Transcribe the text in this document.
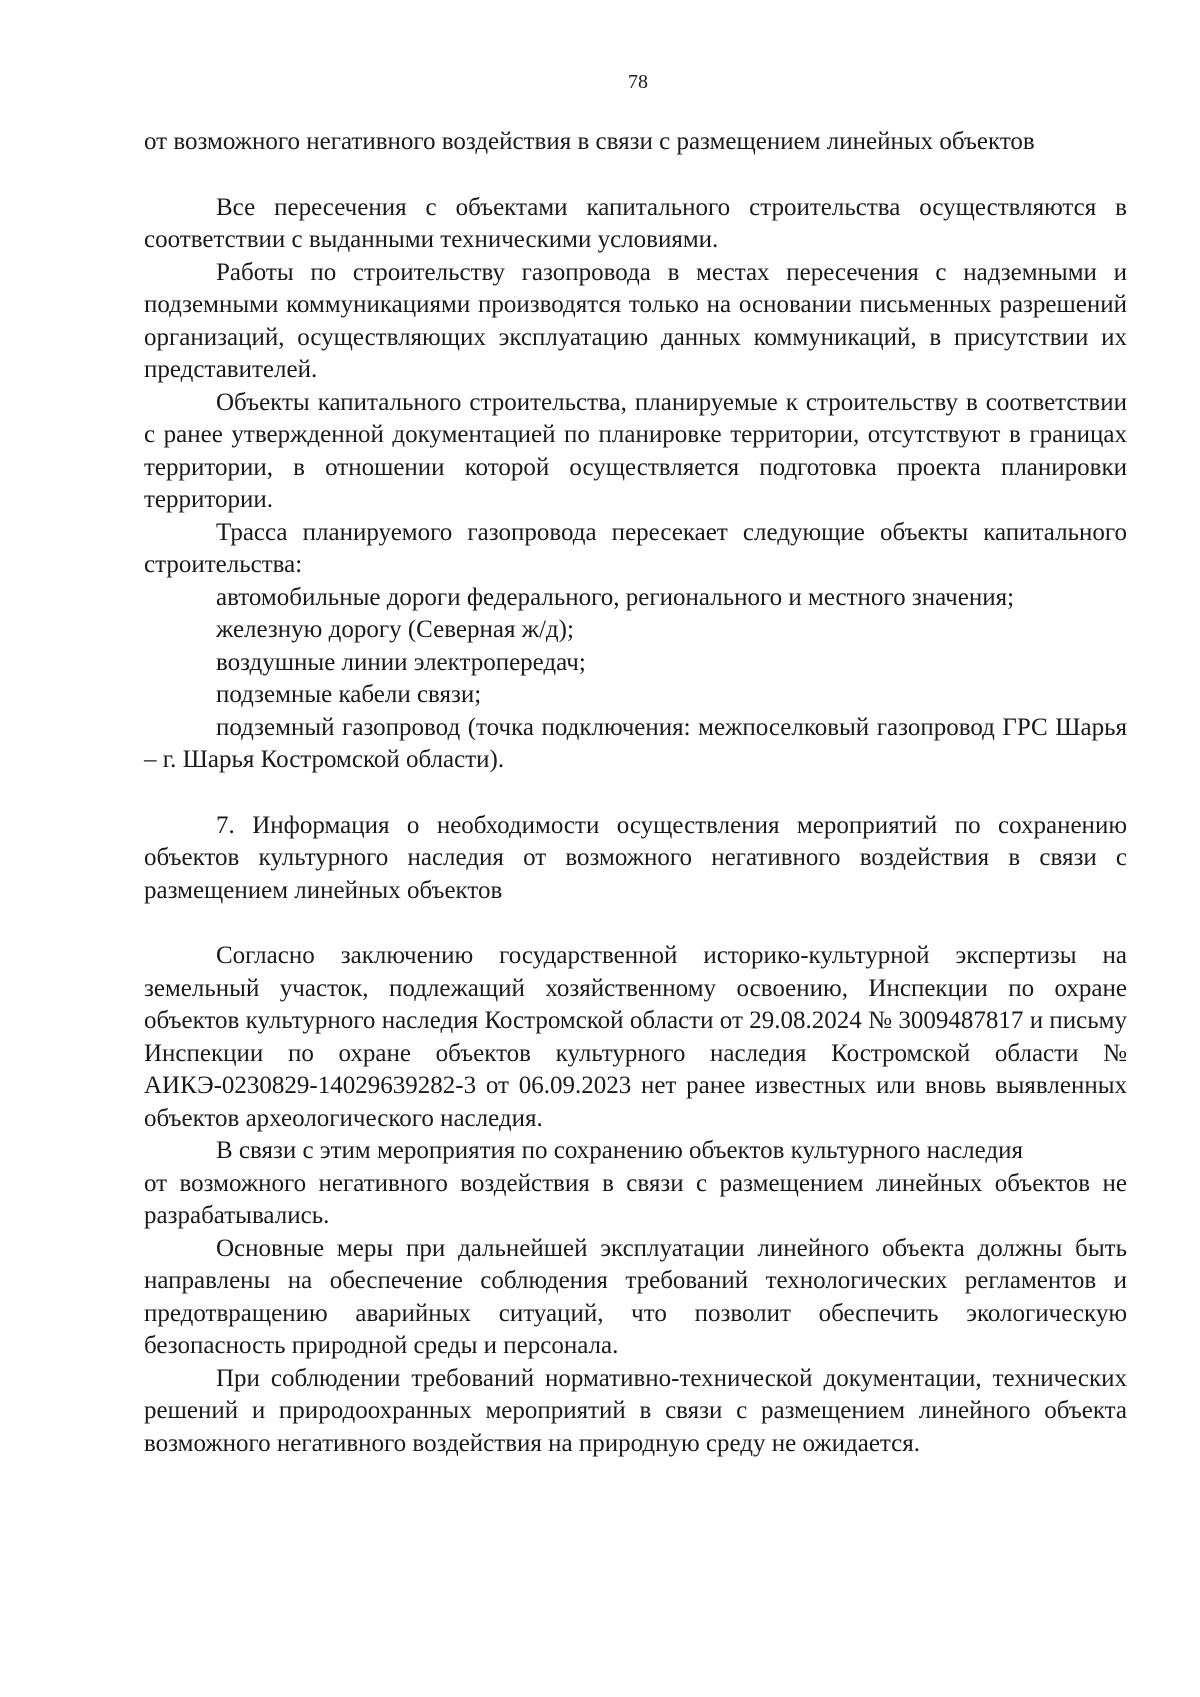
78

от возможного негативного воздействия в связи с размещением линейных объектов

Все пересечения с объектами капитального строительства осуществляются в соответствии с выданными техническими условиями.

Работы по строительству газопровода в местах пересечения с надземными и подземными коммуникациями производятся только на основании письменных разрешений организаций, осуществляющих эксплуатацию данных коммуникаций, в присутствии их представителей.

Объекты капитального строительства, планируемые к строительству в соответствии с ранее утвержденной документацией по планировке территории, отсутствуют в границах территории, в отношении которой осуществляется подготовка проекта планировки территории.

Трасса планируемого газопровода пересекает следующие объекты капитального строительства:

автомобильные дороги федерального, регионального и местного значения;

железную дорогу (Северная ж/д);

воздушные линии электропередач;

подземные кабели связи;

подземный газопровод (точка подключения: межпоселковый газопровод ГРС Шарья – г. Шарья Костромской области).

7. Информация о необходимости осуществления мероприятий по сохранению объектов культурного наследия от возможного негативного воздействия в связи с размещением линейных объектов

Согласно заключению государственной историко-культурной экспертизы на земельный участок, подлежащий хозяйственному освоению, Инспекции по охране объектов культурного наследия Костромской области от 29.08.2024 № 3009487817 и письму Инспекции по охране объектов культурного наследия Костромской области № АИКЭ-0230829-14029639282-3 от 06.09.2023 нет ранее известных или вновь выявленных объектов археологического наследия.

В связи с этим мероприятия по сохранению объектов культурного наследия

от возможного негативного воздействия в связи с размещением линейных объектов не разрабатывались.

Основные меры при дальнейшей эксплуатации линейного объекта должны быть направлены на обеспечение соблюдения требований технологических регламентов и предотвращению аварийных ситуаций, что позволит обеспечить экологическую безопасность природной среды и персонала.

При соблюдении требований нормативно-технической документации, технических решений и природоохранных мероприятий в связи с размещением линейного объекта возможного негативного воздействия на природную среду не ожидается.
